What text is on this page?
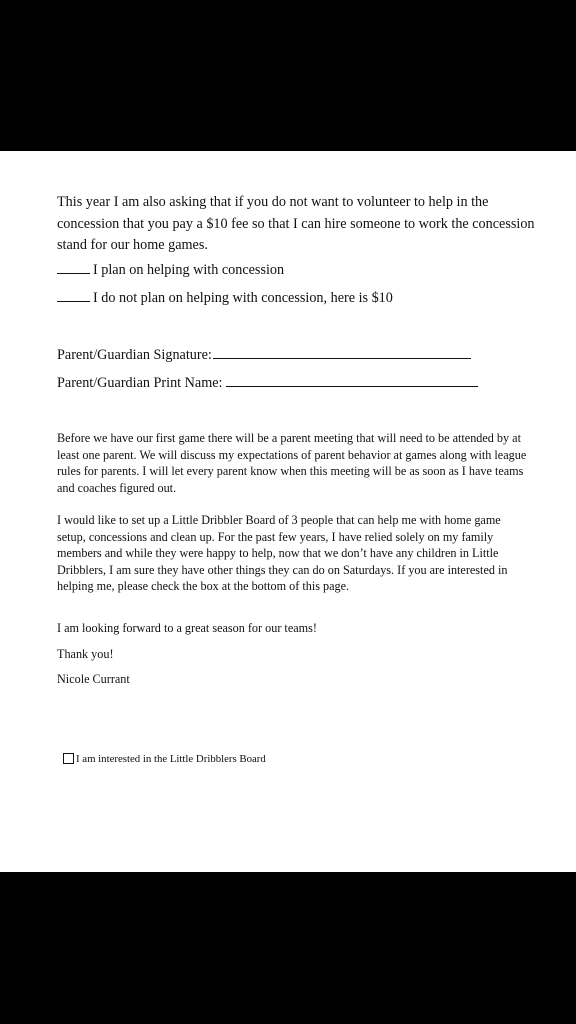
This year I am also asking that if you do not want to volunteer to help in the concession that you pay a $10 fee so that I can hire someone to work the concession stand for our home games.

I plan on helping with concession

I do not plan on helping with concession, here is $10

Parent/Guardian Signature:

Parent/Guardian Print Name:

Before we have our first game there will be a parent meeting that will need to be attended by at least one parent. We will discuss my expectations of parent behavior at games along with league rules for parents. I will let every parent know when this meeting will be as soon as I have teams and coaches figured out.

I would like to set up a Little Dribbler Board of 3 people that can help me with home game setup, concessions and clean up. For the past few years, I have relied solely on my family members and while they were happy to help, now that we don’t have any children in Little Dribblers, I am sure they have other things they can do on Saturdays. If you are interested in helping me, please check the box at the bottom of this page.

I am looking forward to a great season for our teams!

Thank you!

Nicole Currant

I am interested in the Little Dribblers Board
